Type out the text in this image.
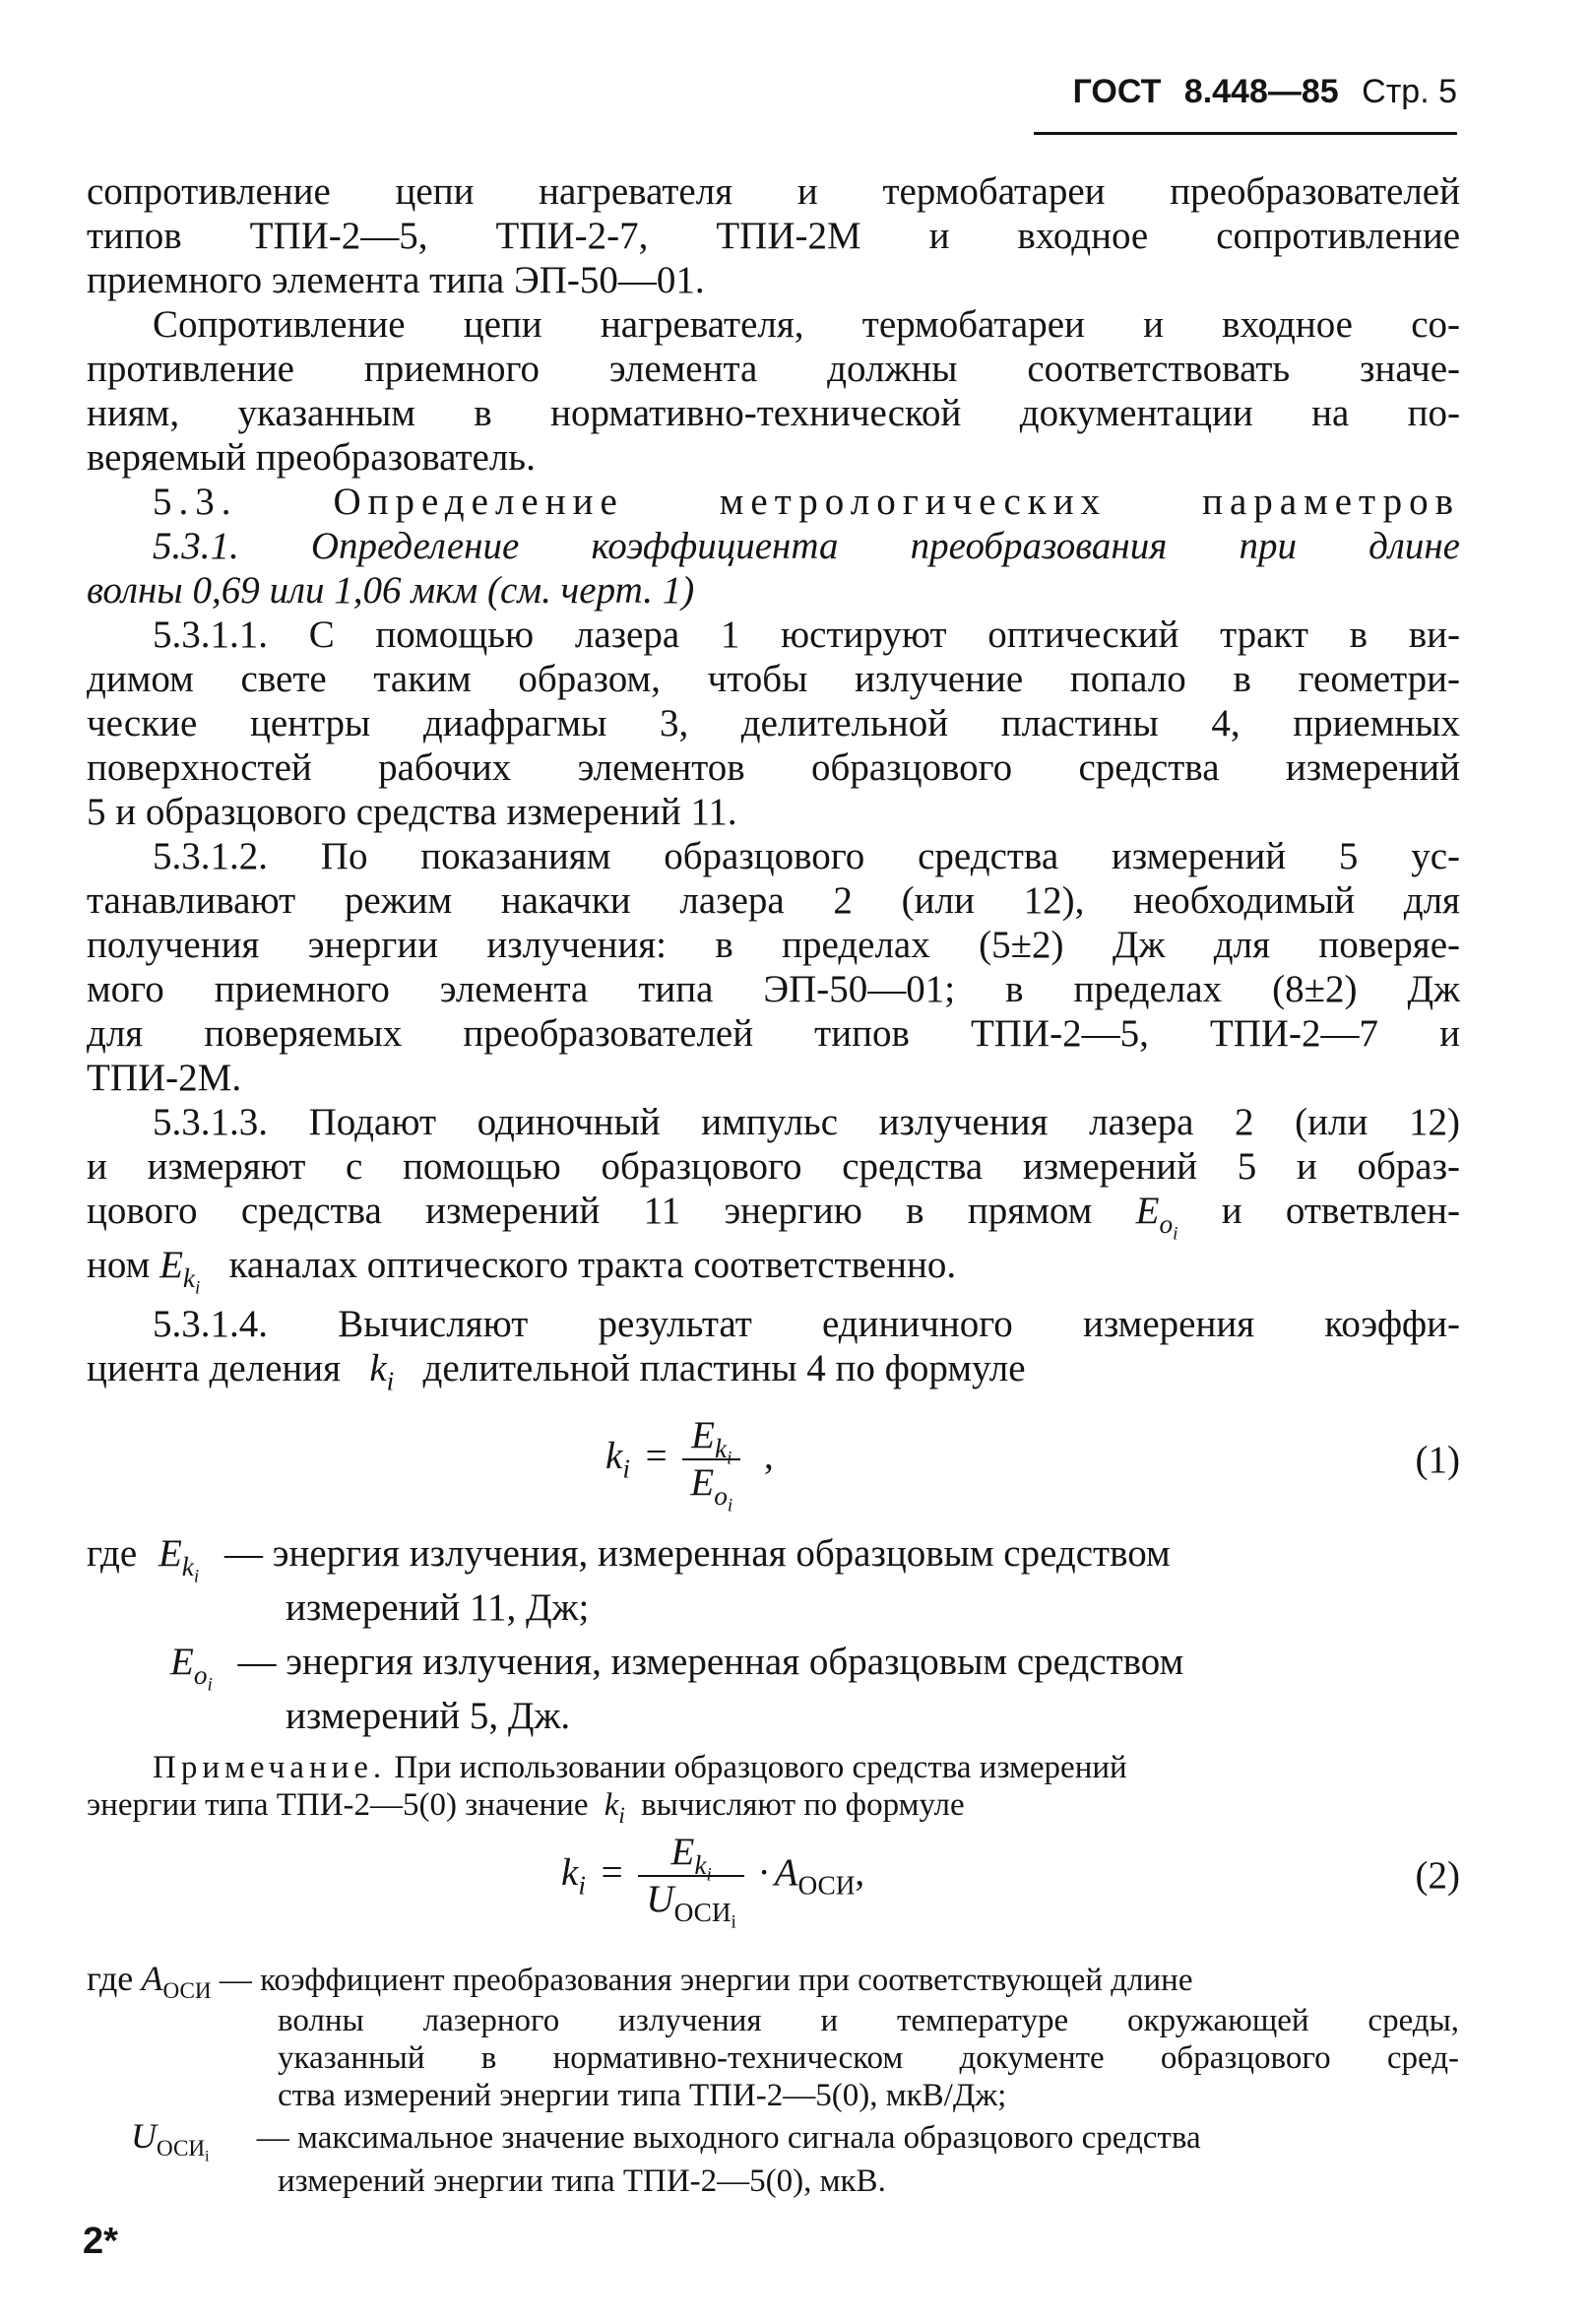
ГОСТ 8.448—85 Стр. 5
сопротивление цепи нагревателя и термобатареи преобразователей
типов ТПИ-2—5, ТПИ-2-7, ТПИ-2М и входное сопротивление
приемного элемента типа ЭП-50—01.
Сопротивление цепи нагревателя, термобатареи и входное со-
противление приемного элемента должны соответствовать значе-
ниям, указанным в нормативно-технической документации на по-
веряемый преобразователь.
5.3. Определение метрологических параметров
5.3.1. Определение коэффициента преобразования при длине
волны 0,69 или 1,06 мкм (см. черт. 1)
5.3.1.1. С помощью лазера 1 юстируют оптический тракт в ви-
димом свете таким образом, чтобы излучение попало в геометри-
ческие центры диафрагмы 3, делительной пластины 4, приемных
поверхностей рабочих элементов образцового средства измерений
5 и образцового средства измерений 11.
5.3.1.2. По показаниям образцового средства измерений 5 ус-
танавливают режим накачки лазера 2 (или 12), необходимый для
получения энергии излучения: в пределах (5±2) Дж для поверяе-
мого приемного элемента типа ЭП-50—01; в пределах (8±2) Дж
для поверяемых преобразователей типов ТПИ-2—5, ТПИ-2—7 и
ТПИ-2М.
5.3.1.3. Подают одиночный импульс излучения лазера 2 (или 12)
и измеряют с помощью образцового средства измерений 5 и образ-
цового средства измерений 11 энергию в прямом $E_{o_i}$ и ответвлен-
ном $E_{k_i}$   каналах оптического тракта соответственно.
5.3.1.4. Вычисляют результат единичного измерения коэффи-
циента деления $k_i$ делительной пластины 4 по формуле
$k_i = \frac{E_{k_i}}{E_{o_i}}$ ,	(1)
где $E_{k_i}$ — энергия излучения, измеренная образцовым средством
измерений 11, Дж;
$E_{o_i}$ — энергия излучения, измеренная образцовым средством
измерений 5, Дж.
Примечание. При использовании образцового средства измерений
энергии типа ТПИ-2—5(0) значение $k_i$ вычисляют по формуле
$k_i = \frac{E_{k_i}}{U_{ОСИ_i}} \cdot A_{ОСИ}$,	(2)
где $A_{ОСИ}$ — коэффициент преобразования энергии при соответствующей длине
волны лазерного излучения и температуре окружающей среды,
указанный в нормативно-техническом документе образцового сред-
ства измерений энергии типа ТПИ-2—5(0), мкВ/Дж;
$U_{ОСИ_i}$ — максимальное значение выходного сигнала образцового средства
измерений энергии типа ТПИ-2—5(0), мкВ.
2*
